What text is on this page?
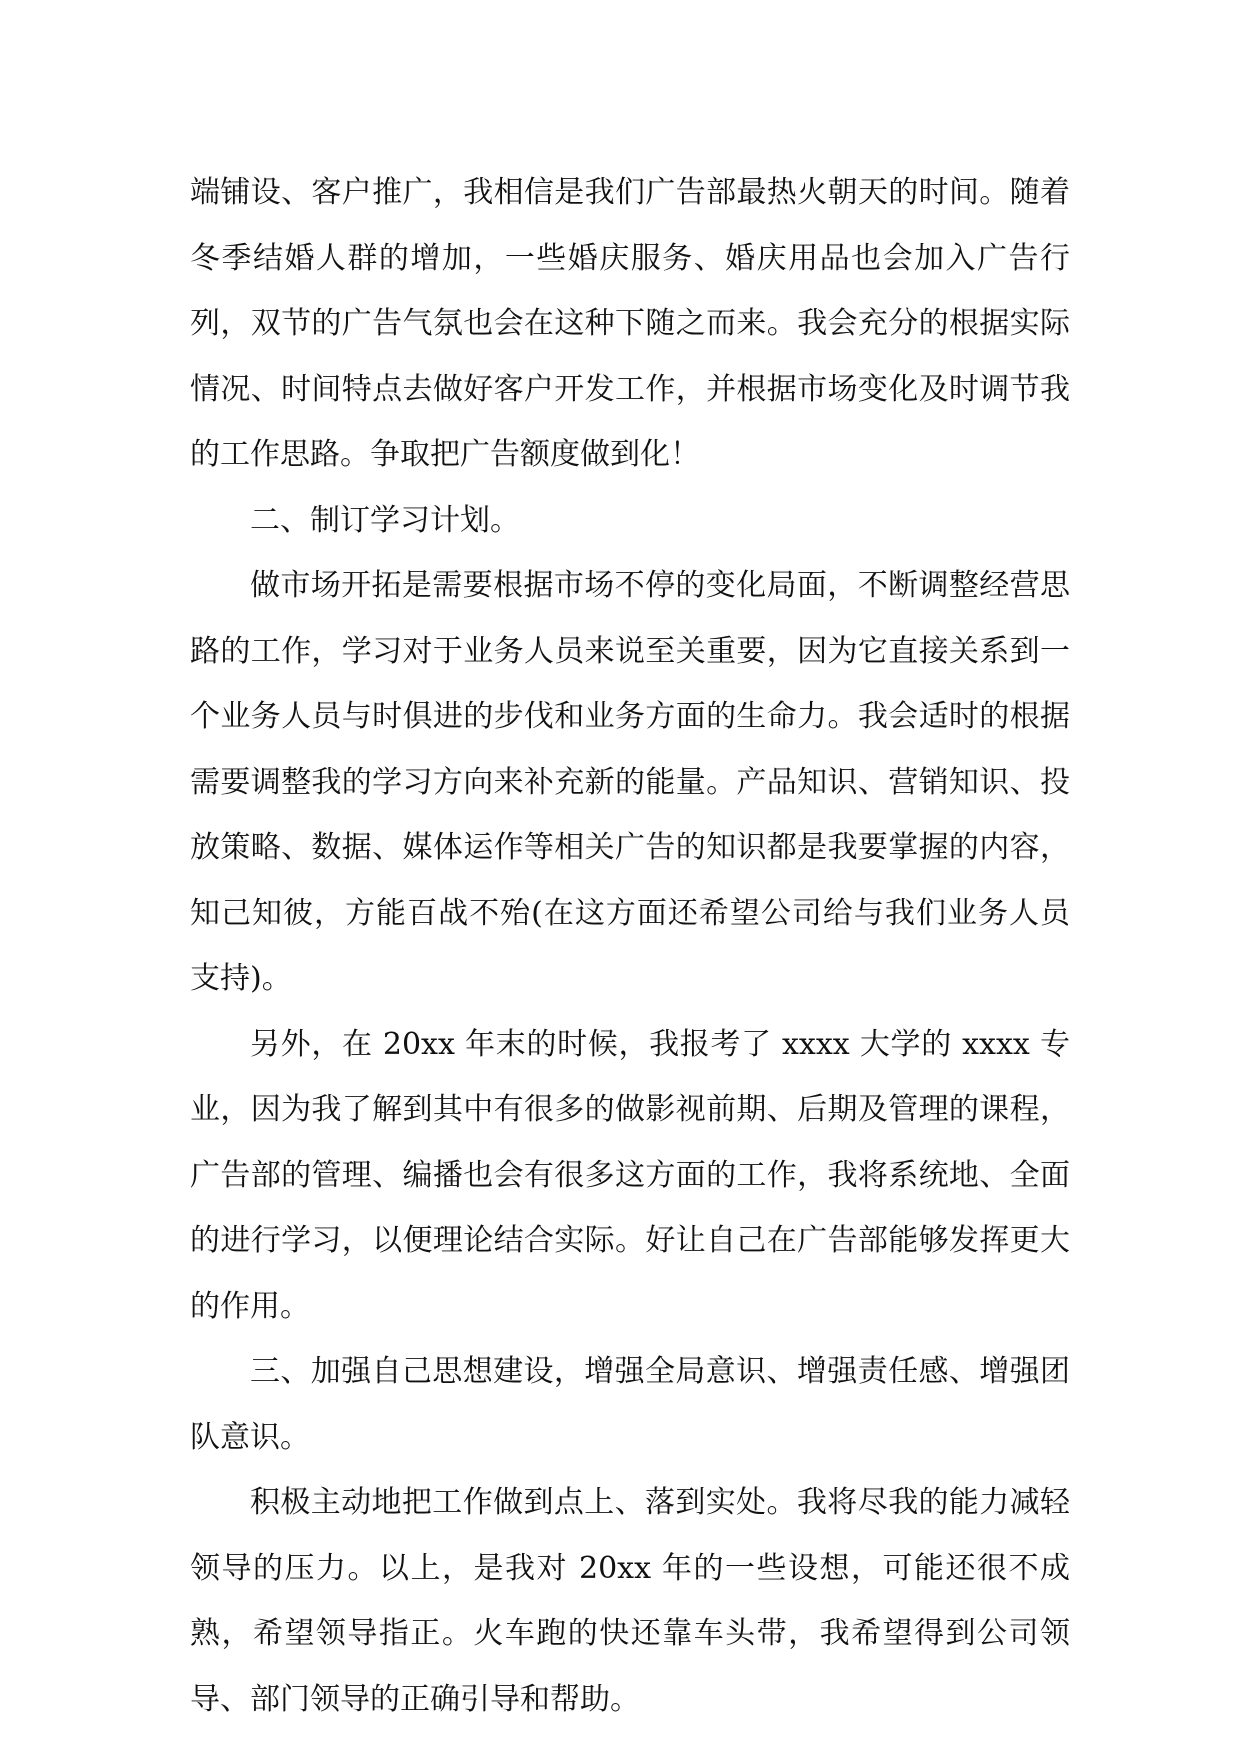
端铺设、客户推广，我相信是我们广告部最热火朝天的时间。随着冬季结婚人群的增加，一些婚庆服务、婚庆用品也会加入广告行列，双节的广告气氛也会在这种下随之而来。我会充分的根据实际情况、时间特点去做好客户开发工作，并根据市场变化及时调节我的工作思路。争取把广告额度做到化！

二、制订学习计划。

做市场开拓是需要根据市场不停的变化局面，不断调整经营思路的工作，学习对于业务人员来说至关重要，因为它直接关系到一个业务人员与时俱进的步伐和业务方面的生命力。我会适时的根据需要调整我的学习方向来补充新的能量。产品知识、营销知识、投放策略、数据、媒体运作等相关广告的知识都是我要掌握的内容，知己知彼，方能百战不殆(在这方面还希望公司给与我们业务人员支持)。

另外，在 20xx 年末的时候，我报考了 xxxx 大学的 xxxx 专业，因为我了解到其中有很多的做影视前期、后期及管理的课程，广告部的管理、编播也会有很多这方面的工作，我将系统地、全面的进行学习，以便理论结合实际。好让自己在广告部能够发挥更大的作用。

三、加强自己思想建设，增强全局意识、增强责任感、增强团队意识。

积极主动地把工作做到点上、落到实处。我将尽我的能力减轻领导的压力。以上，是我对 20xx 年的一些设想，可能还很不成熟，希望领导指正。火车跑的快还靠车头带，我希望得到公司领导、部门领导的正确引导和帮助。
